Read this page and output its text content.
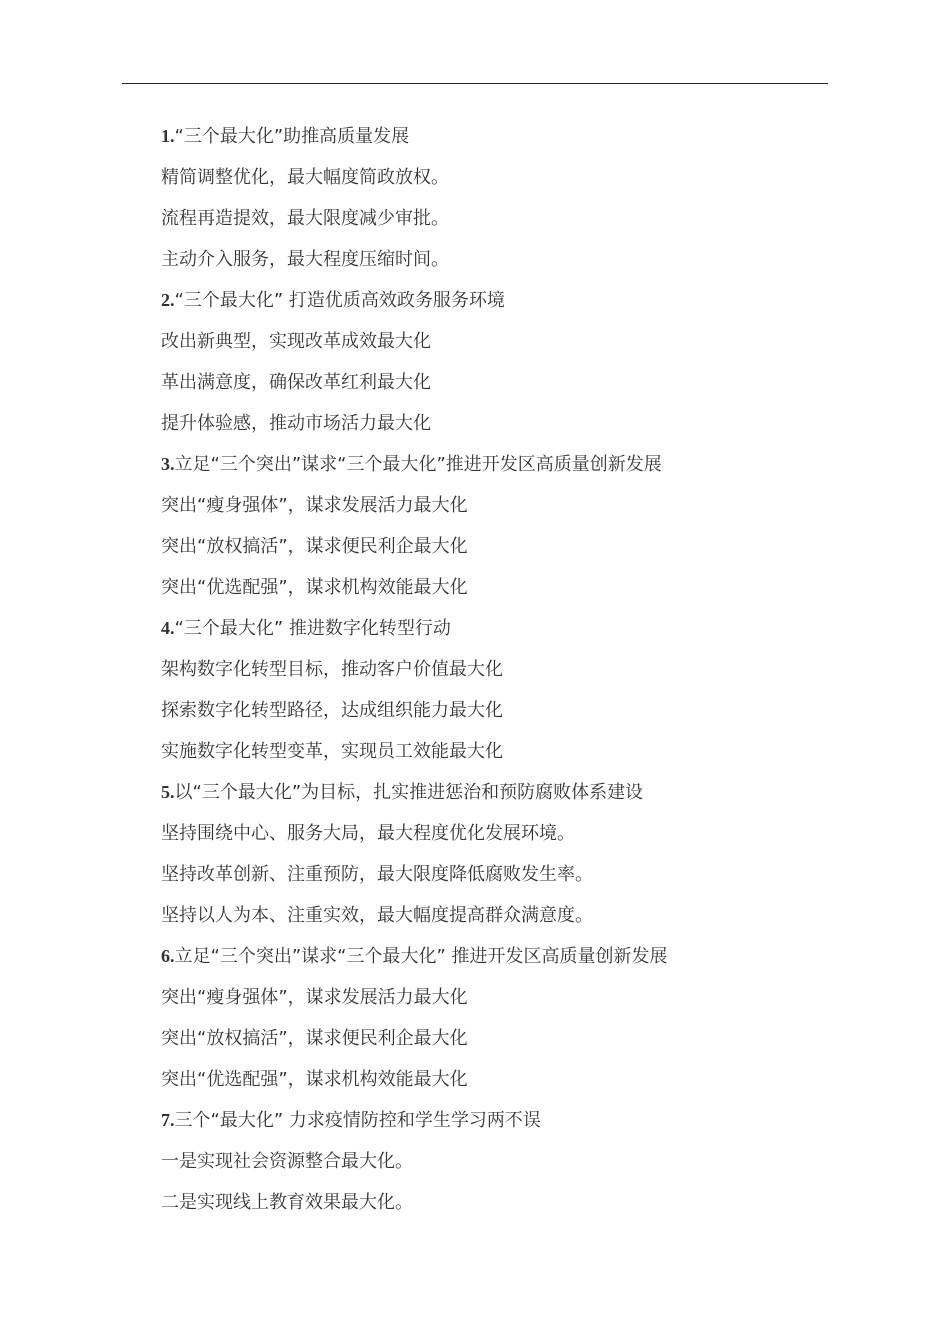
1.“三个最大化”助推高质量发展
精简调整优化，最大幅度简政放权。
流程再造提效，最大限度减少审批。
主动介入服务，最大程度压缩时间。
2.“三个最大化” 打造优质高效政务服务环境
改出新典型，实现改革成效最大化
革出满意度，确保改革红利最大化
提升体验感，推动市场活力最大化
3.立足“三个突出”谋求“三个最大化”推进开发区高质量创新发展
突出“瘦身强体”，谋求发展活力最大化
突出“放权搞活”，谋求便民利企最大化
突出“优选配强”，谋求机构效能最大化
4.“三个最大化” 推进数字化转型行动
架构数字化转型目标，推动客户价值最大化
探索数字化转型路径，达成组织能力最大化
实施数字化转型变革，实现员工效能最大化
5.以“三个最大化”为目标，扎实推进惩治和预防腐败体系建设
坚持围绕中心、服务大局，最大程度优化发展环境。
坚持改革创新、注重预防，最大限度降低腐败发生率。
坚持以人为本、注重实效，最大幅度提高群众满意度。
6.立足“三个突出”谋求“三个最大化” 推进开发区高质量创新发展
突出“瘦身强体”，谋求发展活力最大化
突出“放权搞活”，谋求便民利企最大化
突出“优选配强”，谋求机构效能最大化
7.三个“最大化” 力求疫情防控和学生学习两不误
一是实现社会资源整合最大化。
二是实现线上教育效果最大化。
